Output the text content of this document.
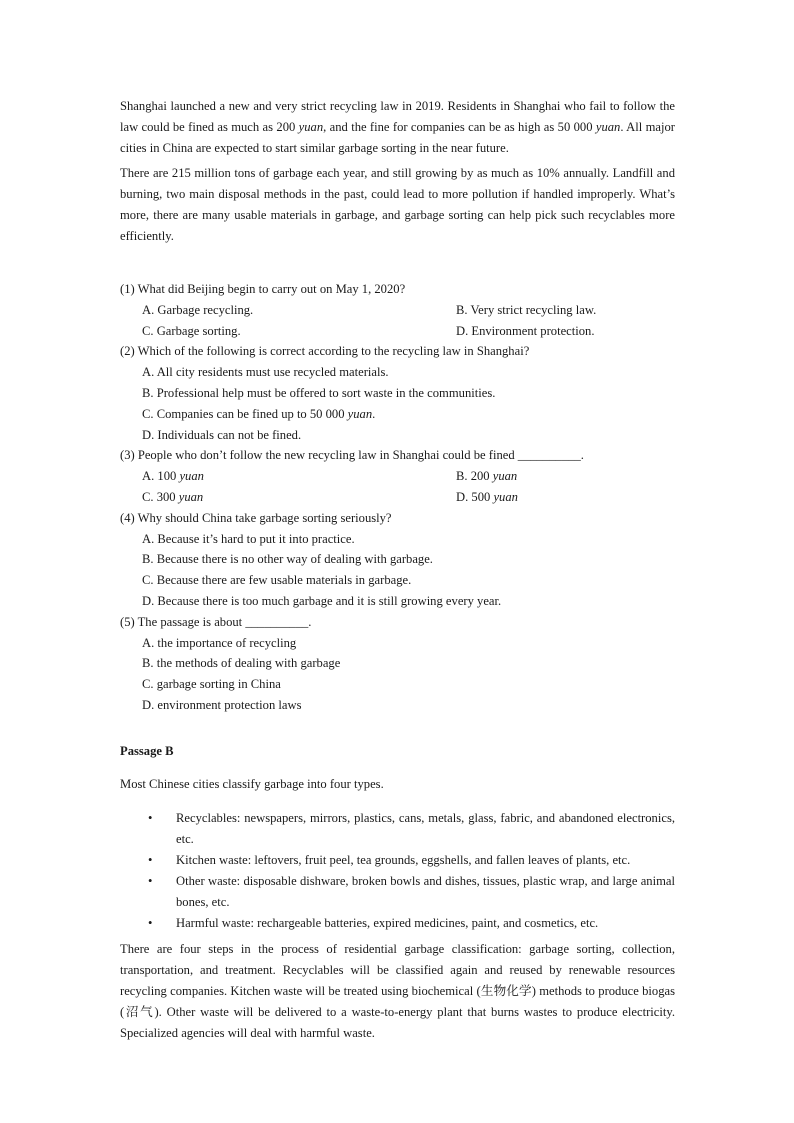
Shanghai launched a new and very strict recycling law in 2019. Residents in Shanghai who fail to follow the law could be fined as much as 200 yuan, and the fine for companies can be as high as 50 000 yuan. All major cities in China are expected to start similar garbage sorting in the near future.

There are 215 million tons of garbage each year, and still growing by as much as 10% annually. Landfill and burning, two main disposal methods in the past, could lead to more pollution if handled improperly. What’s more, there are many usable materials in garbage, and garbage sorting can help pick such recyclables more efficiently.

(1) What did Beijing begin to carry out on May 1, 2020?

A. Garbage recycling.	B. Very strict recycling law.

C. Garbage sorting.	D. Environment protection.

(2) Which of the following is correct according to the recycling law in Shanghai?

A. All city residents must use recycled materials.

B. Professional help must be offered to sort waste in the communities.

C. Companies can be fined up to 50 000 yuan.

D. Individuals can not be fined.

(3) People who don’t follow the new recycling law in Shanghai could be fined __________.

A. 100 yuan	B. 200 yuan

C. 300 yuan	D. 500 yuan

(4) Why should China take garbage sorting seriously?

A. Because it’s hard to put it into practice.

B. Because there is no other way of dealing with garbage.

C. Because there are few usable materials in garbage.

D. Because there is too much garbage and it is still growing every year.

(5) The passage is about __________.

A. the importance of recycling

B. the methods of dealing with garbage

C. garbage sorting in China

D. environment protection laws

Passage B

Most Chinese cities classify garbage into four types.

• Recyclables: newspapers, mirrors, plastics, cans, metals, glass, fabric, and abandoned electronics, etc.
• Kitchen waste: leftovers, fruit peel, tea grounds, eggshells, and fallen leaves of plants, etc.
• Other waste: disposable dishware, broken bowls and dishes, tissues, plastic wrap, and large animal bones, etc.
• Harmful waste: rechargeable batteries, expired medicines, paint, and cosmetics, etc.

There are four steps in the process of residential garbage classification: garbage sorting, collection, transportation, and treatment. Recyclables will be classified again and reused by renewable resources recycling companies. Kitchen waste will be treated using biochemical (生物化学) methods to produce biogas (沼气). Other waste will be delivered to a waste-to-energy plant that burns wastes to produce electricity. Specialized agencies will deal with harmful waste.
